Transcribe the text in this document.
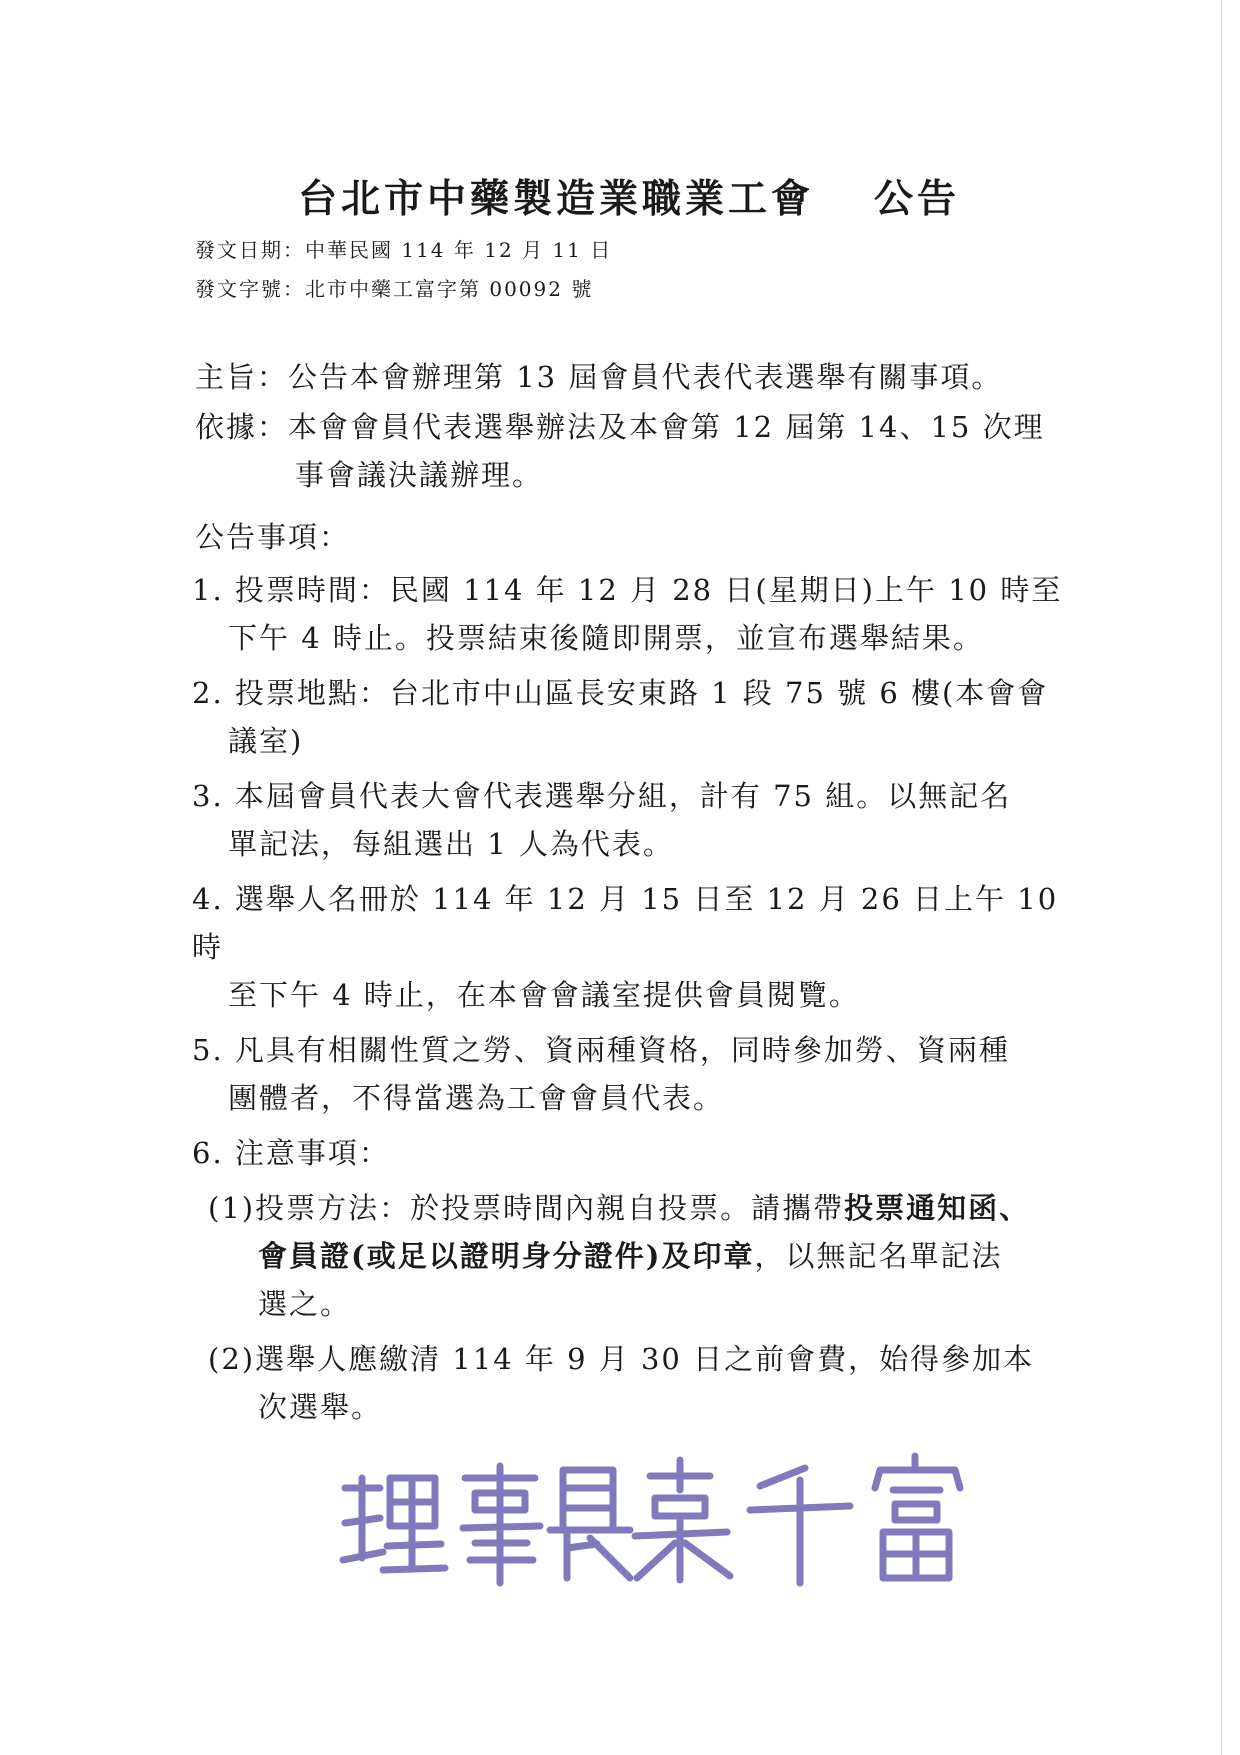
台北市中藥製造業職業工會 公告
發文日期：中華民國 114 年 12 月 11 日
發文字號：北市中藥工富字第 00092 號
主旨：公告本會辦理第 13 屆會員代表代表選舉有關事項。
依據：本會會員代表選舉辦法及本會第 12 屆第 14、15 次理
事會議決議辦理。
公告事項：
1. 投票時間：民國 114 年 12 月 28 日(星期日)上午 10 時至
下午 4 時止。投票結束後隨即開票，並宣布選舉結果。
2. 投票地點：台北市中山區長安東路 1 段 75 號 6 樓(本會會
議室)
3. 本屆會員代表大會代表選舉分組，計有 75 組。以無記名
單記法，每組選出 1 人為代表。
4. 選舉人名冊於 114 年 12 月 15 日至 12 月 26 日上午 10 時
至下午 4 時止，在本會會議室提供會員閱覽。
5. 凡具有相關性質之勞、資兩種資格，同時參加勞、資兩種
團體者，不得當選為工會會員代表。
6. 注意事項：
(1)投票方法：於投票時間內親自投票。請攜帶投票通知函、
會員證(或足以證明身分證件)及印章，以無記名單記法
選之。
(2)選舉人應繳清 114 年 9 月 30 日之前會費，始得參加本
次選舉。
